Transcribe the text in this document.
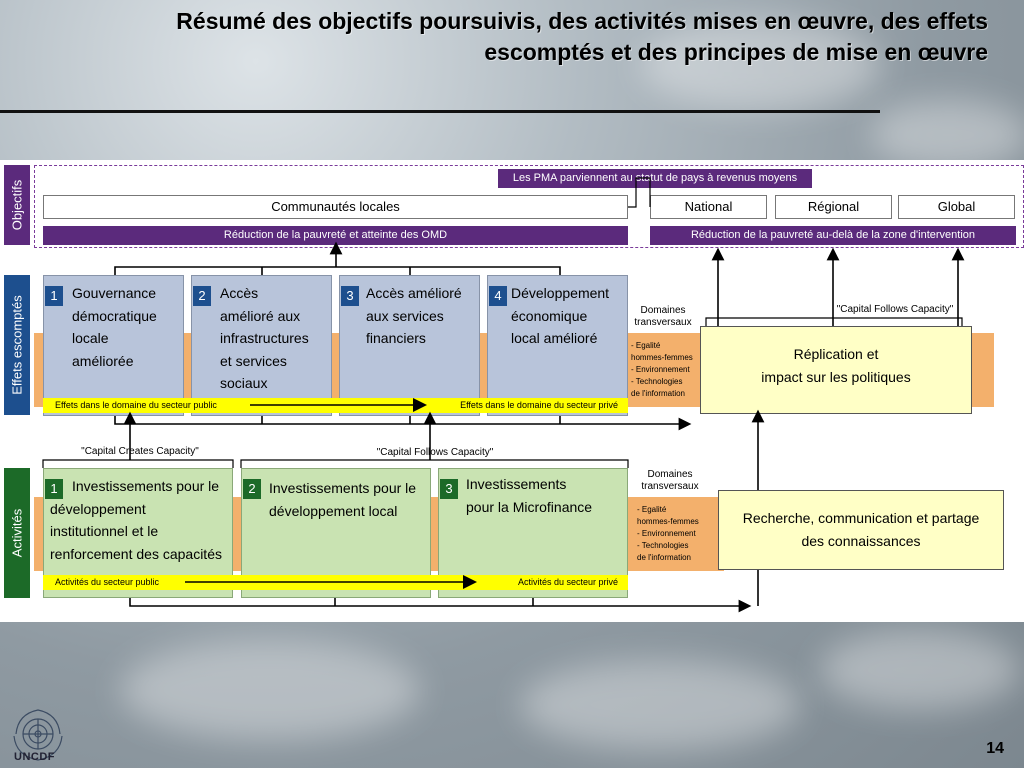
Résumé des objectifs poursuivis, des activités mises en œuvre, des effets escomptés et des principes de mise en œuvre
Objectifs
Effets escomptés
Activités
Les PMA parviennent au statut de pays à revenus moyens
Communautés locales	National	Régional	Global
Réduction de la pauvreté et atteinte des OMD	Réduction de la pauvreté au-delà de la zone d'intervention
1	Gouvernance
démocratique
locale
améliorée
2	Accès
amélioré aux
infrastructures
et services
sociaux
3 Accès amélioré
aux services
financiers
4 Développement
économique
local amélioré
Effets dans le domaine du secteur public	Effets dans le domaine du secteur privé
Domaines
transversaux
- Egalité
hommes-femmes
- Environnement
- Technologies
de l'information
"Capital Follows Capacity"
Réplication et
impact sur les politiques
"Capital Creates Capacity"	"Capital Follows Capacity"
1	Investissements pour le
développement
institutionnel et le
renforcement des capacités
2 Investissements pour le
développement local
3 Investissements
pour la Microfinance
Activités du secteur public	Activités du secteur privé
Domaines
transversaux
- Egalité
hommes-femmes
- Environnement
- Technologies
de l'information
Recherche, communication et partage
des connaissances
UNCDF	14
